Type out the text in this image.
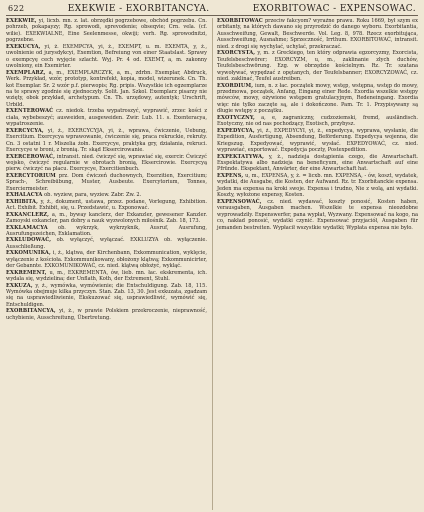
622	EXEKWIE - EXORBITANCYA.	EXORBITOWAC - EXPENSOWAC.

EXEKWIE, yi, licxb. mn. z. lat. obrzędki pogrzebowe, obchód pogrzebu. Cn. pohrzeb, pokapayzy; Rg. sprowodi, sprevodenie; obseqvie; Crn. vela. (cf. wilie). EXEKWIALNE, Eine Seelenmesse, okwiji; verh. Rg. sprowodnitzi, pogrzebne.

EXEKUCYA, yi, ż. EXEMPCYA, yi, ż., EXEMPT, u. m. EXEMTA, y, ż., uwolnienie od jurysdykcyi, Exemtion, Befreiung von einer Staatslast. Sprawy o exempcyę cech wyjęcie szlacht. Wyj. Pr. 4 od. EXEMT, a, m. zakonny uwolniony, ein Exemirter.

EXEMPLARZ, a, m., EXEMPLARCZYK, a, m., zdrbn. Exemplar, Abdruck, Werk. Przykład, wzór, prototyp, kontrefekt, kopia, model, wizerunek. Cn. Th. kot Exemplar. Sr. 2 wzór p.f. pierwopis; Rg. pripis. Wszystkie ich egzemplarze na te sprawy zgodnie się zjednoczyły. Solit. Jan. Szkol. Exemplarz pisarzy nie wzięty, obok przykład, archetypum. Cn. Th. urzędowy, autentyk; Urschrift, Urbild.

EXENTEROWAĆ cz. niedok. trzeba wypatroszyć, wyprawić, zrzec kości z ciała, wybebeszyć; ausweiden, ausgeweiden. Zwir. Lub. 11. s. Exenteracya, wypatroszenie.

EXERCYCYA, yi, ż., EXERCYCYJA, yi, ż., wprawa, ćwiczenie, Uebung, Exercitium. Exercycya wprawowanie, ćwiczenie się, praca rekruckie, rekruty. Cn. 3 ostatni 1 r. Miszelia żołn. Exercycye, praktyka gry, działania, rekruci. Exercycye w broni, z bronią. Tr. skąd Eksercirowanie.

EXERCEROWAĆ, intransit. nied. ćwiczyć się, wprawiać się, exercir. Ćwiczyć wojsko, ćwiczyć regularnie w obrotach bronią, Eksercirowie. Exercycyą pierw. ćwiczyć na placu. Exercycye, Exercitienbuch.

EXERCYTORIUM prz. Dom ćwiczeń duchownych, Exerzitien, Exercitium; Sprach-, Schreibübung, Muster, Ausbeute. Exercytorium, Tonnes, Exerciermeister.

EXHALACYA ob. wyziew, para, wyziew. Zabr. Zw. 2.

EXHIBITA, y, ż., dokument, ustawa, przez. podane, Vorlegung, Exhibition. Act. Exhibit. Exhibit, się, u. Przedstawić, u. Exponować.

EXKANCLERZ, a, m., byway kanclerz, der Exkanzler, gewesener Kanzler. Zamoyski exkancler, pan dobry a nauk wyzwolonych miłośnik. Zab. 18, 173.

EXKLAMACYA ob. wykrzyk, wykrzyknik, Ausruf, Ausrufung, Ausrufungszeichen, Exklamation.

EXKLUDOWAĆ, ob. wyłączyć, wyłączać. EXKLUZYA ob. wyłączenie. Ausschließung.

EXKOMUNIKA, i, ż., klątwa, der Kirchenbann, Exkommunication, wyklęcie, wyłączenie z kościoła. Exkommunikowany, obłożony klątwą; Exkommunicirter, der Gebannte. EXKOMUNIKOWAĆ, cz. nied. klątwą obłożyć, wykląć.

EXKREMENT, u, m., EXKREMENTA, ów, lieb. mn. łac. ekskrementa, ich. wydala się, wydzielina; der Unflath, Koth, der Extrement, Stuhl.

EXKUZA, y, ż., wymówka, wymówienie; die Entschuldigung. Zab. 18, 115. Wymówka obejmuje kilka przyczyn. Stan. Zab. 13, 30. Jest exkuzata, zgadzam się na usprawiedliwienie, Ekskuzować się, usprawiedliwić, wymówić się, Entschuldigen.

EXORBITANCYA, yi, ż., w prawie Polskiem przekroczenie, nieprawność, uchybienie, Ausschreitung, Übertretung.

EXORBITOWAĆ przeciw fakcyom? wyraźne prawu. Roku 1669, był szym ex orbitanty, na których dawano się przyrodzić do danego wyboru. Exorbitantia, Ausschweifung, Gewalt, Beschwerde. Vol. Leg. 8, 978. Rzecz exorbitująca, Ausschweifung, Ausnahme; Sprzeczność, Irrthum. EXORBITOWAĆ, intransit. nied. z drogi się wychylać, uchylać, przekraczać.

EXORCYSTA, y, m. z Greckiego, ten który odprawia egzorcyzmy, Exorcista, Teufelsbeschwörer; EXORCYZM, u, m., zaklinanie złych duchów, Teufelsbeschwörung. Ezg. w obrzędzie kościelnym. Rz. Tr. szatana wywoływać, wypędzać z opętanych, der Teufelsbanner; EXORCYZOWAĆ, cz. nied. zaklinać, Teufel austreiben.

EXORDIUM, ium, n. z łac. początek mowy, wstęp, wstępna, wstęp do mowy, przedmowa, początek, Anfang, Eingang einer Rede. Exordia wszelkie wstępy mówców, mowy, ożywione wstępem gratulacyjnym, Redeneingang. Exordia więc nie tylko zaczęte są, ale i dokończone. Pam. Tr. 1. Przypisywany są długie wstępy z początku.

EXOTYCZNY, a, e, zagraniczny, cudzoziemski, fremd, ausländisch. Exotyczny, nie od nas pochodzący, Exotisch, przybysz.

EXPEDYCYA, yi, ż., EXPEDYCYI, yi, ż., expedycya, wyprawa, wysłanie, die Expedition, Ausfertigung, Absendung, Beförderung. Expedycya wojenna, die Kriegszug. Expedyować, wyprawić, wysłać. EXPEDYOWAĆ, cz. nied. wyprawiać, exportować. Expedycja poczty, Postexpedition.

EXPEKTATYWA, y, ż., nadzieja dostąpienia czego, die Anwartschaft. Exspektatywa albo nadzieja na beneficyum, eine Anwartschaft auf eine Pfründe. Ekspektant, Anwärter, der eine Anwartschaft hat.

EXPENS, u, m., EXPENSA, y, ż. = licxb. mn. EXPENSA, - ów, koszt, wydatek, wydatki, die Ausgabe, die Kosten, der Aufwand. Rz. tr. Exorbitanckie expensa. Jeden ma expensa na kroki swoje. Expensa i trudno, Nie z wolą, ani wydatki. Koszty, wyłożone expensy, Kosten.

EXPENSOWAĆ, cz. nied. wydawać, koszty ponosić, Kosten haben, verausgaben, Ausgaben machen. Wszelkie te expensa nieozdobne wyprowadziły. Expenswerfer, pana wypłat, Wyzwany. Expensować na kogo, na co, nakład ponosić, wydatki czynić. Expensować przyjaciół, Ausgaben für jemanden bestreiten. Wypłacił wszystkie wydatki; Wypłata expensa nie było.
